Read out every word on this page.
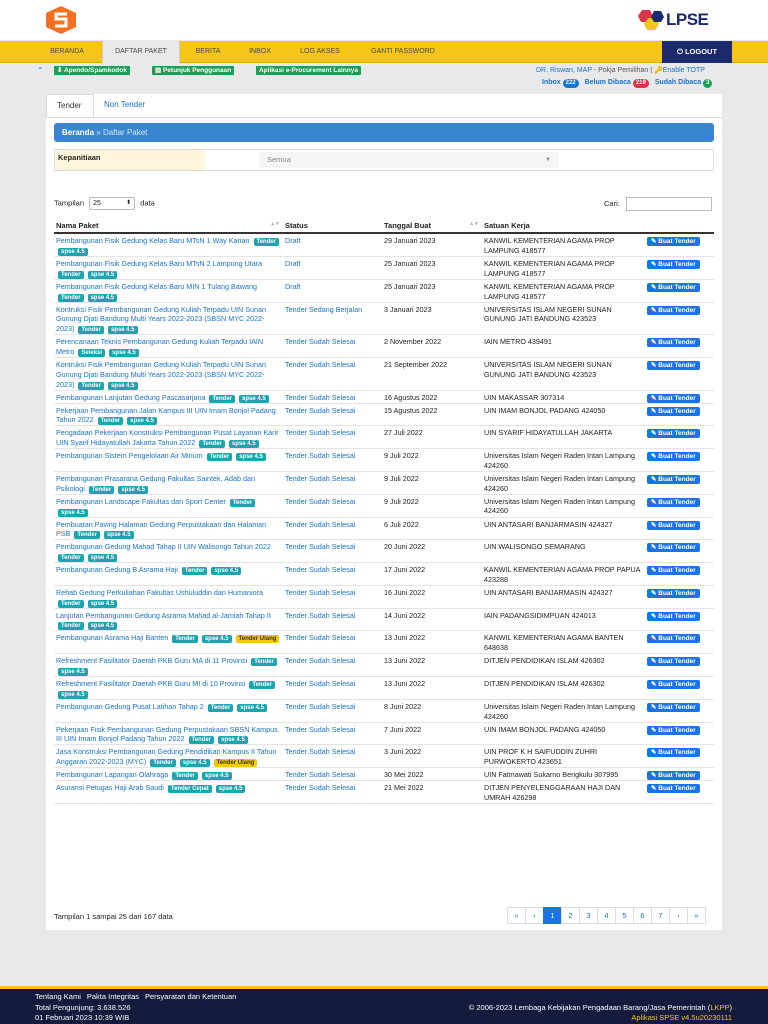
LPSE
BERANDA	DAFTAR PAKET	BERITA	INBOX	LOG AKSES	GANTI PASSWORD	⏻ LOGOUT
⌃	⬇ Apendo/Spamkodok	▤ Petunjuk Penggunaan	Aplikasi e-Procurement Lainnya	DR. Riswan, MAP - Pokja Pemilihan | 🔑Enable TOTP
Inbox 222 Belum Dibaca 219 Sudah Dibaca 3
Tender	Non Tender
Beranda » Daftar Paket
Kepanitiaan	Semua	▼
Tampilan 25	⬍ data	Cari:
Nama Paket ▲▼	Status	Tanggal Buat ▲▼	Satuan Kerja	
Pembangunan Fisik Gedung Kelas Baru MTsN 1 Way Kanan Tender spse 4.5	Draft	29 Januari 2023	KANWIL KEMENTERIAN AGAMA PROP LAMPUNG 418577	✎ Buat Tender
Pembangunan Fisik Gedung Kelas Baru MTsN 2 Lampung Utara Tender spse 4.5	Draft	25 Januari 2023	KANWIL KEMENTERIAN AGAMA PROP LAMPUNG 418577	✎ Buat Tender
Pembangunan Fisik Gedung Kelas Baru MIN 1 Tulang Bawang Tender spse 4.5	Draft	25 Januari 2023	KANWIL KEMENTERIAN AGAMA PROP LAMPUNG 418577	✎ Buat Tender
Kontruksi Fisik Pembangunan Gedung Kuliah Terpadu UIN Sunan Gunung Djati Bandung Multi Years 2022-2023 (SBSN MYC 2022-2023) Tender spse 4.5	Tender Sedang Berjalan	3 Januari 2023	UNIVERSITAS ISLAM NEGERI SUNAN GUNUNG JATI BANDUNG 423523	✎ Buat Tender
Perencanaan Teknis Pembangunan Gedung Kuliah Terpadu IAIN Metro Seleksi spse 4.5	Tender Sudah Selesai	2 November 2022	IAIN METRO 439491	✎ Buat Tender
Kontruksi Fisik Pembangunan Gedung Kuliah Terpadu UIN Sunan Gunung Djati Bandung Multi Years 2022-2023 (SBSN MYC 2022-2023) Tender spse 4.5	Tender Sudah Selesai	21 September 2022	UNIVERSITAS ISLAM NEGERI SUNAN GUNUNG JATI BANDUNG 423523	✎ Buat Tender
Pembangunan Lanjutan Gedung Pascasarjana Tender spse 4.5	Tender Sudah Selesai	16 Agustus 2022	UIN MAKASSAR 307314	✎ Buat Tender
Pekerjaan Pembangunan Jalan Kampus III UIN Imam Bonjol Padang Tahun 2022 Tender spse 4.5	Tender Sudah Selesai	15 Agustus 2022	UIN IMAM BONJOL PADANG 424050	✎ Buat Tender
Pengadaan Pekerjaan Konstruksi Pembangunan Pusat Layanan Karir UIN Syarif Hidayatullah Jakarta Tahun 2022 Tender spse 4.5	Tender Sudah Selesai	27 Juli 2022	UIN SYARIF HIDAYATULLAH JAKARTA	✎ Buat Tender
Pembangunan Sistem Pengelolaan Air Minum Tender spse 4.5	Tender Sudah Selesai	9 Juli 2022	Universitas Islam Negeri Raden Intan Lampung 424260	✎ Buat Tender
Pembangunan Prasarana Gedung Fakultas Saintek, Adab dan Psikologi Tender spse 4.5	Tender Sudah Selesai	9 Juli 2022	Universitas Islam Negeri Raden Intan Lampung 424260	✎ Buat Tender
Pembangunan Landscape Fakultas dan Sport Center Tender spse 4.5	Tender Sudah Selesai	9 Juli 2022	Universitas Islam Negeri Raden Intan Lampung 424260	✎ Buat Tender
Pembuatan Paving Halaman Gedung Perpustakaan dan Halaman PSB Tender spse 4.5	Tender Sudah Selesai	6 Juli 2022	UIN ANTASARI BANJARMASIN 424327	✎ Buat Tender
Pembangunan Gedung Mahad Tahap II UIN Walisongo Tahun 2022 Tender spse 4.5	Tender Sudah Selesai	20 Juni 2022	UIN WALISONGO SEMARANG	✎ Buat Tender
Pembangunan Gedung B Asrama Haji Tender spse 4.5	Tender Sudah Selesai	17 Juni 2022	KANWIL KEMENTERIAN AGAMA PROP PAPUA 423288	✎ Buat Tender
Rehab Gedung Perkuliahan Fakultas Ushuluddin dan Humaniora Tender spse 4.5	Tender Sudah Selesai	16 Juni 2022	UIN ANTASARI BANJARMASIN 424327	✎ Buat Tender
Lanjutan Pembangunan Gedung Asrama Mahad al-Jamiah Tahap II Tender spse 4.5	Tender Sudah Selesai	14 Juni 2022	IAIN PADANGSIDIMPUAN 424013	✎ Buat Tender
Pembangunan Asrama Haji Banten Tender spse 4.5 Tender Ulang	Tender Sudah Selesai	13 Juni 2022	KANWIL KEMENTERIAN AGAMA BANTEN 648638	✎ Buat Tender
Refreshment Fasilitator Daerah PKB Guru MA di 11 Provinsi Tender spse 4.5	Tender Sudah Selesai	13 Juni 2022	DITJEN PENDIDIKAN ISLAM 426302	✎ Buat Tender
Refreshment Fasilitator Daerah PKB Guru MI di 10 Provinsi Tender spse 4.5	Tender Sudah Selesai	13 Juni 2022	DITJEN PENDIDIKAN ISLAM 426302	✎ Buat Tender
Pembangunan Gedung Pusat Latihan Tahap 2 Tender spse 4.5	Tender Sudah Selesai	8 Juni 2022	Universitas Islam Negeri Raden Intan Lampung 424260	✎ Buat Tender
Pekerjaan Fisik Pembangunan Gedung Perpustakaan SBSN Kampus III UIN Imam Bonjol Padang Tahun 2022 Tender spse 4.5	Tender Sudah Selesai	7 Juni 2022	UIN IMAM BONJOL PADANG 424050	✎ Buat Tender
Jasa Konstruksi Pembangunan Gedung Pendidikan Kampus II Tahun Anggaran 2022-2023 (MYC) Tender spse 4.5 Tender Ulang	Tender Sudah Selesai	3 Juni 2022	UIN PROF K H SAIFUDDIN ZUHRI PURWOKERTO 423651	✎ Buat Tender
Pembangunan Lapangan Olahraga Tender spse 4.5	Tender Sudah Selesai	30 Mei 2022	UIN Fatmawati Sukarno Bengkulu 307995	✎ Buat Tender
Asuransi Petugas Haji Arab Saudi Tender Cepat spse 4.5	Tender Sudah Selesai	21 Mei 2022	DITJEN PENYELENGGARAAN HAJI DAN UMRAH 426298	✎ Buat Tender
Tampilan 1 sampai 25 dari 167 data	«	‹	1	2	3	4	5	6	7	›	»
Tentang Kami Pakta Integritas Persyaratan dan Ketentuan
Total Pengunjung: 3.638.526
01 Februari 2023 10:39 WIB
© 2006-2023 Lembaga Kebijakan Pengadaan Barang/Jasa Pemerintah (LKPP)
Aplikasi SPSE v4.5u20230111
